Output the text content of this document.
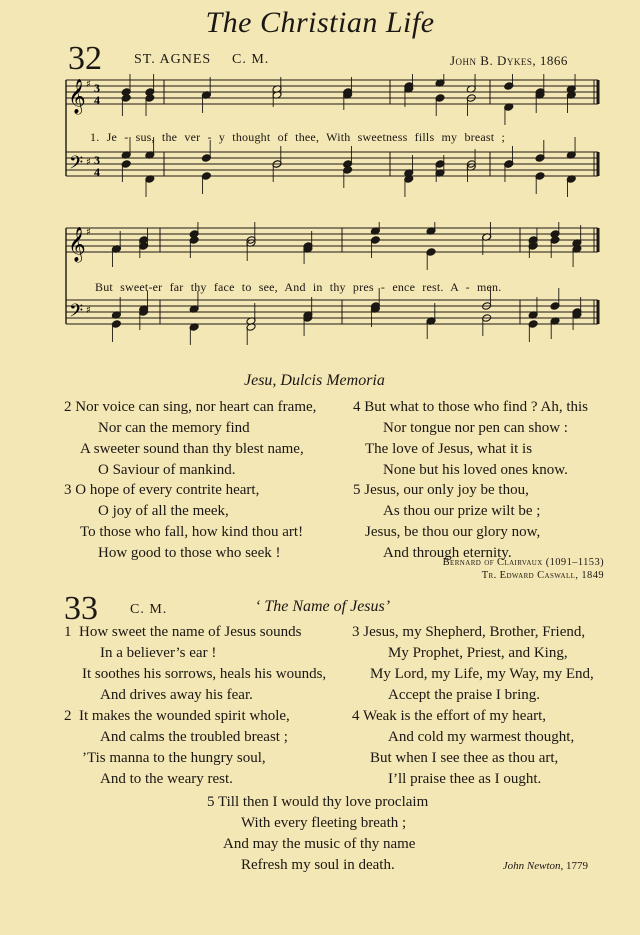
The Christian Life
32 ST. AGNES C. M.	John B. Dykes, 1866
𝄞
𝄢
♯
♯
3
4
3
4
1. Je - sus, the ver - y thought of thee, With sweetness fills my breast ;
𝄞
𝄢
♯
♯
But sweet-er far thy face to see, And in thy pres - ence rest. A - men.
Jesu, Dulcis Memoria
2 Nor voice can sing, nor heart can frame,
Nor can the memory find
A sweeter sound than thy blest name,
O Saviour of mankind.
3 O hope of every contrite heart,
O joy of all the meek,
To those who fall, how kind thou art!
How good to those who seek !
4 But what to those who find ? Ah, this
Nor tongue nor pen can show :
The love of Jesus, what it is
None but his loved ones know.
5 Jesus, our only joy be thou,
As thou our prize wilt be ;
Jesus, be thou our glory now,
And through eternity.
Bernard of Clairvaux (1091–1153)
Tr. Edward Caswall, 1849
33 C. M.	‘ The Name of Jesus’
1 How sweet the name of Jesus sounds
In a believer’s ear !
It soothes his sorrows, heals his wounds,
And drives away his fear.
2 It makes the wounded spirit whole,
And calms the troubled breast ;
’Tis manna to the hungry soul,
And to the weary rest.
3 Jesus, my Shepherd, Brother, Friend,
My Prophet, Priest, and King,
My Lord, my Life, my Way, my End,
Accept the praise I bring.
4 Weak is the effort of my heart,
And cold my warmest thought,
But when I see thee as thou art,
I’ll praise thee as I ought.
5 Till then I would thy love proclaim
With every fleeting breath ;
And may the music of thy name
Refresh my soul in death.	John Newton, 1779
